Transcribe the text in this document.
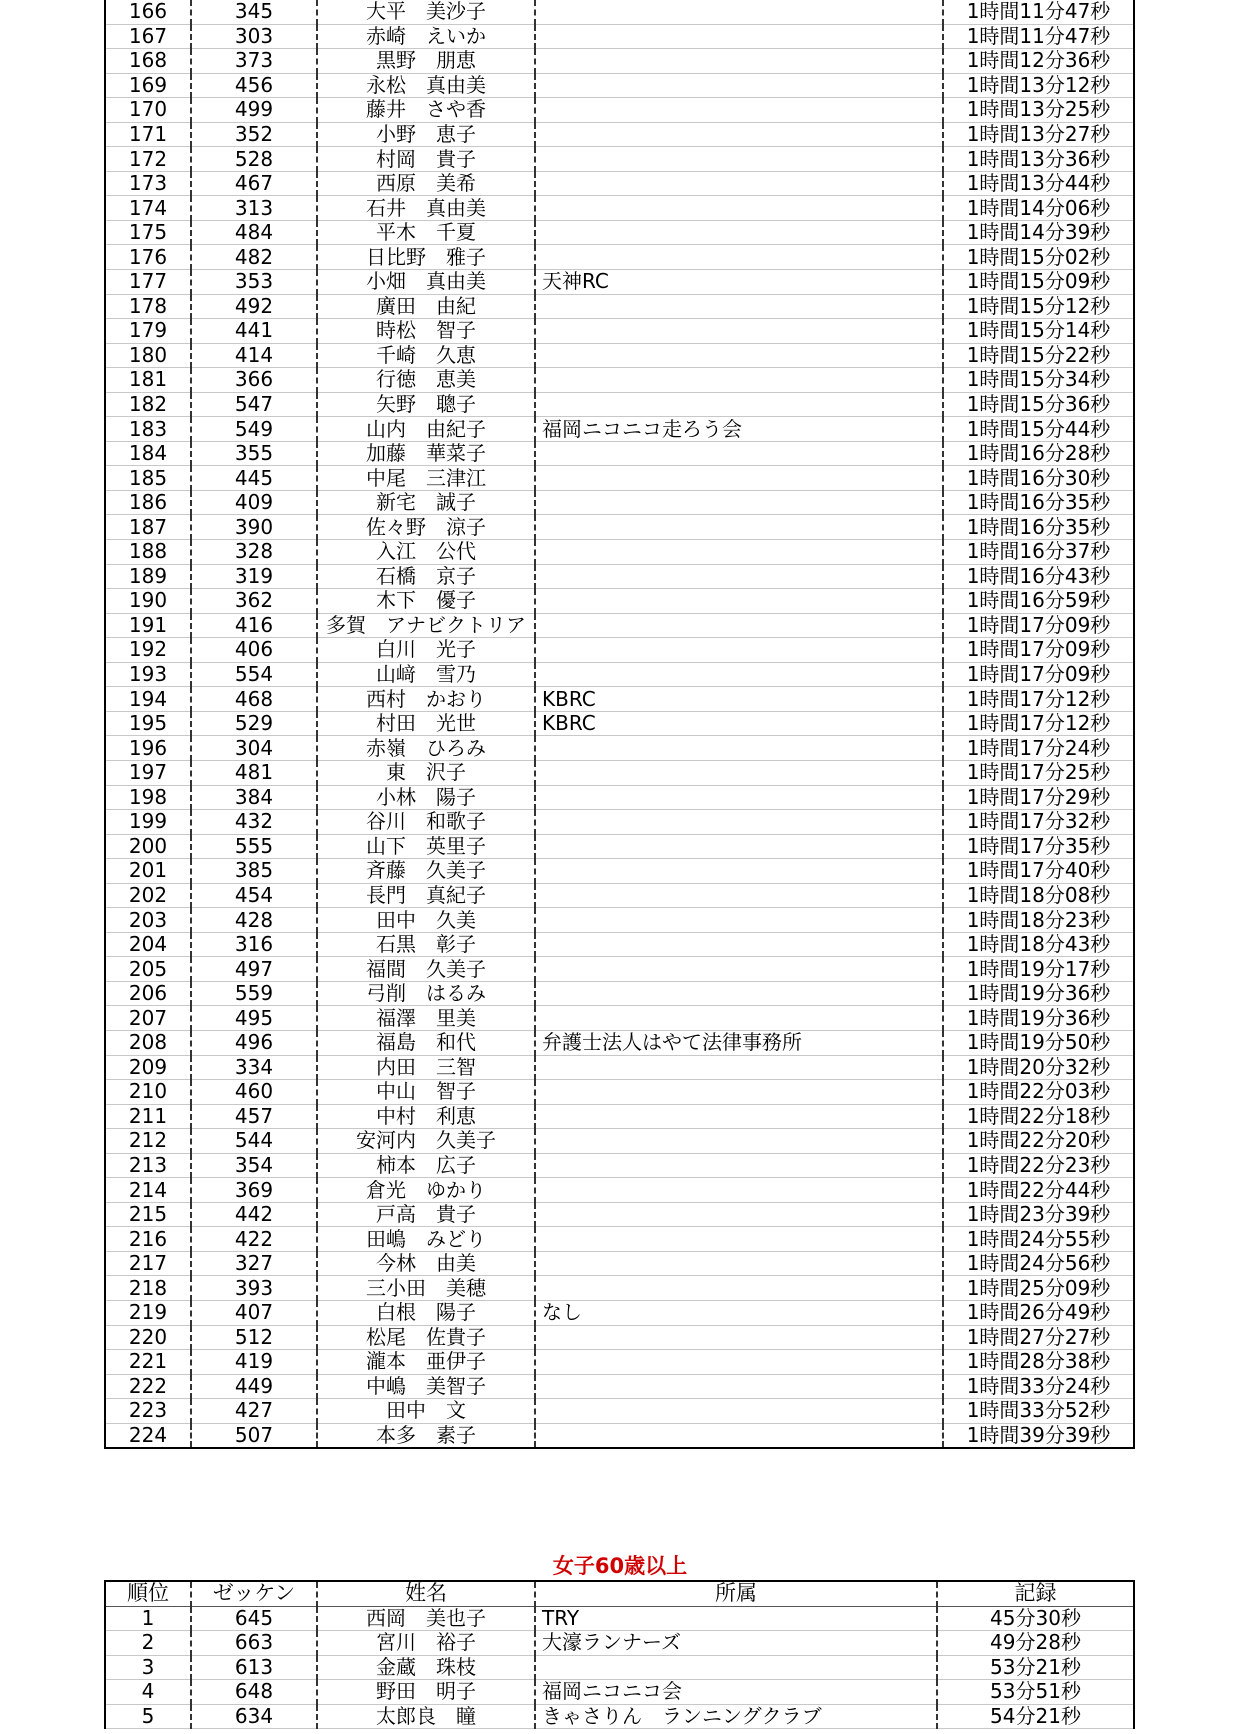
166	345	大平　美沙子		1時間11分47秒
167	303	赤崎　えいか		1時間11分47秒
168	373	黒野　朋恵		1時間12分36秒
169	456	永松　真由美		1時間13分12秒
170	499	藤井　さや香		1時間13分25秒
171	352	小野　恵子		1時間13分27秒
172	528	村岡　貴子		1時間13分36秒
173	467	西原　美希		1時間13分44秒
174	313	石井　真由美		1時間14分06秒
175	484	平木　千夏		1時間14分39秒
176	482	日比野　雅子		1時間15分02秒
177	353	小畑　真由美	天神RC	1時間15分09秒
178	492	廣田　由紀		1時間15分12秒
179	441	時松　智子		1時間15分14秒
180	414	千崎　久恵		1時間15分22秒
181	366	行徳　恵美		1時間15分34秒
182	547	矢野　聰子		1時間15分36秒
183	549	山内　由紀子	福岡ニコニコ走ろう会	1時間15分44秒
184	355	加藤　華菜子		1時間16分28秒
185	445	中尾　三津江		1時間16分30秒
186	409	新宅　誠子		1時間16分35秒
187	390	佐々野　涼子		1時間16分35秒
188	328	入江　公代		1時間16分37秒
189	319	石橋　京子		1時間16分43秒
190	362	木下　優子		1時間16分59秒
191	416	多賀　アナビクトリア		1時間17分09秒
192	406	白川　光子		1時間17分09秒
193	554	山﨑　雪乃		1時間17分09秒
194	468	西村　かおり	KBRC	1時間17分12秒
195	529	村田　光世	KBRC	1時間17分12秒
196	304	赤嶺　ひろみ		1時間17分24秒
197	481	東　沢子		1時間17分25秒
198	384	小林　陽子		1時間17分29秒
199	432	谷川　和歌子		1時間17分32秒
200	555	山下　英里子		1時間17分35秒
201	385	斉藤　久美子		1時間17分40秒
202	454	長門　真紀子		1時間18分08秒
203	428	田中　久美		1時間18分23秒
204	316	石黒　彰子		1時間18分43秒
205	497	福間　久美子		1時間19分17秒
206	559	弓削　はるみ		1時間19分36秒
207	495	福澤　里美		1時間19分36秒
208	496	福島　和代	弁護士法人はやて法律事務所	1時間19分50秒
209	334	内田　三智		1時間20分32秒
210	460	中山　智子		1時間22分03秒
211	457	中村　利恵		1時間22分18秒
212	544	安河内　久美子		1時間22分20秒
213	354	柿本　広子		1時間22分23秒
214	369	倉光　ゆかり		1時間22分44秒
215	442	戸高　貴子		1時間23分39秒
216	422	田嶋　みどり		1時間24分55秒
217	327	今林　由美		1時間24分56秒
218	393	三小田　美穂		1時間25分09秒
219	407	白根　陽子	なし	1時間26分49秒
220	512	松尾　佐貴子		1時間27分27秒
221	419	瀧本　亜伊子		1時間28分38秒
222	449	中嶋　美智子		1時間33分24秒
223	427	田中　文		1時間33分52秒
224	507	本多　素子		1時間39分39秒
女子60歳以上
順位	ゼッケン	姓名	所属	記録
1	645	西岡　美也子	TRY	45分30秒
2	663	宮川　裕子	大濠ランナーズ	49分28秒
3	613	金蔵　珠枝		53分21秒
4	648	野田　明子	福岡ニコニコ会	53分51秒
5	634	太郎良　瞳	きゃさりん　ランニングクラブ	54分21秒
